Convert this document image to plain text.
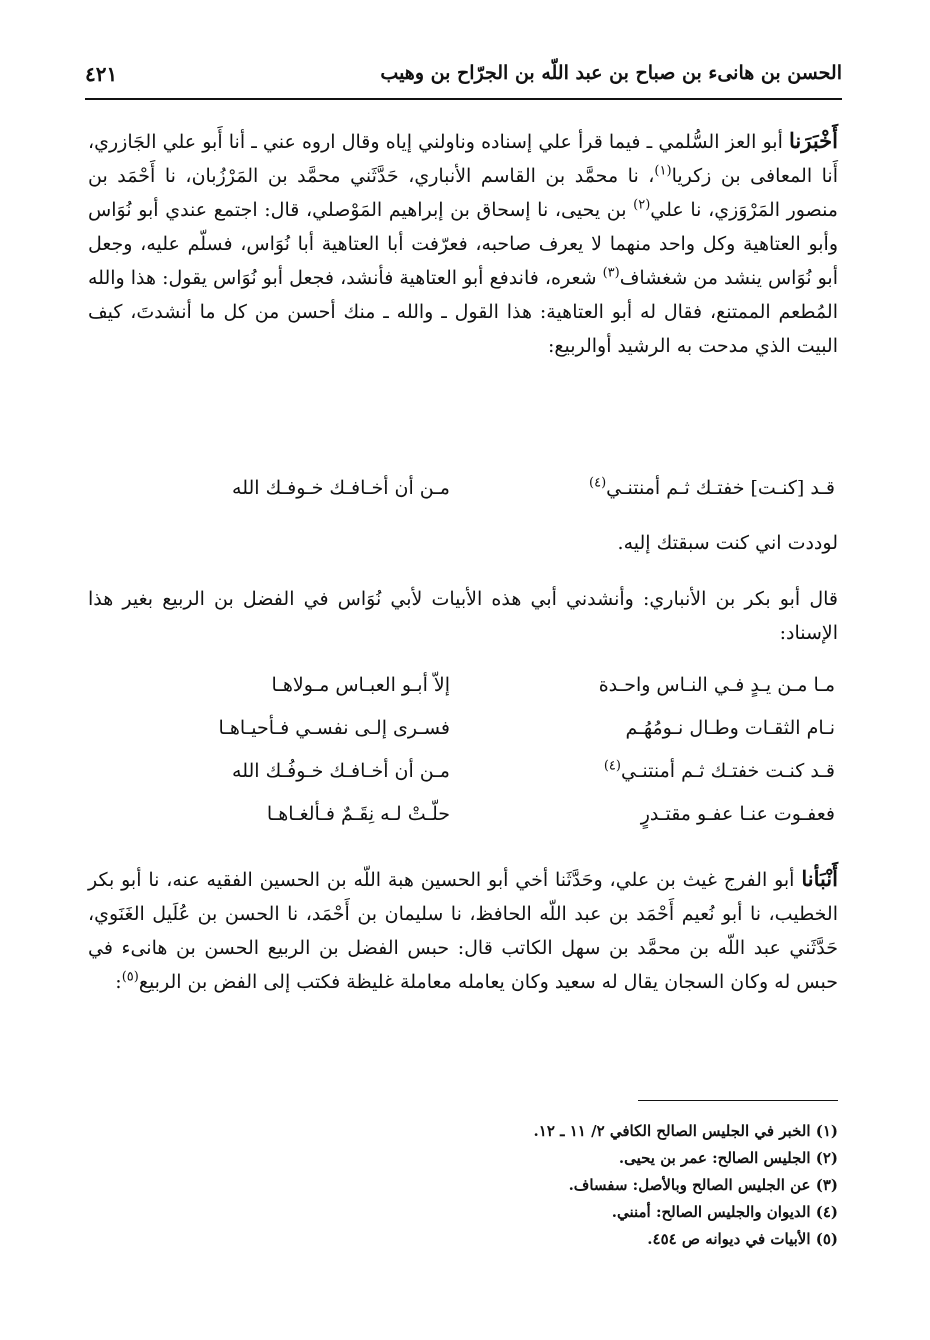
الحسن بن هانىء بن صباح بن عبد اللّه بن الجرّاح بن وهيب
٤٢١
أَخْبَرَنا أبو العز السُّلمي ـ فيما قرأ علي إسناده وناولني إياه وقال اروه عني ـ أنا أَبو علي الجَازري، أَنا المعافى بن زكريا$^{(١)}$، نا محمَّد بن القاسم الأنباري، حَدَّثَني محمَّد بن المَرْزُبان، نا أَحْمَد بن منصور المَرْوَزي، نا علي$^{(٢)}$ بن يحيى، نا إسحاق بن إبراهيم المَوْصلي، قال: اجتمع عندي أبو نُوَاس وأبو العتاهية وكل واحد منهما لا يعرف صاحبه، فعرّفت أبا العتاهية أبا نُوَاس، فسلّم عليه، وجعل أبو نُوَاس ينشد من شغشاف$^{(٣)}$ شعره، فاندفع أبو العتاهية فأنشد، فجعل أبو نُوَاس يقول: هذا والله المُطعم الممتنع، فقال له أبو العتاهية: هذا القول ـ والله ـ منك أحسن من كل ما أنشدتَ، كيف البيت الذي مدحت به الرشيد أوالربيع:
قـد [كنـت] خفتـك ثـم أمنتنـي$^{(٤)}$
مـن أن أخـافـك خـوفـك الله
لوددت اني كنت سبقتك إليه.
قال أبو بكر بن الأنباري: وأنشدني أبي هذه الأبيات لأبي نُوَاس في الفضل بن الربيع بغير هذا الإسناد:
مـا مـن يـدٍ فـي النـاس واحـدة
إلاّ أبـو العبـاس مـولاهـا
نـام الثقـات وطـال نـومُهُـم
فسـرى إلـى نفسـي فـأحيـاهـا
قـد كنـت خفتـك ثـم أمنتنـي$^{(٤)}$
مـن أن أخـافـك خـوفُـك الله
فعفـوت عنـا عفـو مقتـدرٍ
حلّـتْ لـه نِقَـمٌ فـألغـاهـا
أَنْبَأنا أبو الفرج غيث بن علي، وحَدَّثَنا أخي أبو الحسين هبة اللّه بن الحسين الفقيه عنه، نا أبو بكر الخطيب، نا أبو نُعيم أَحْمَد بن عبد اللّه الحافظ، نا سليمان بن أَحْمَد، نا الحسن بن عُلَيل الغَنَوي، حَدَّثَني عبد اللّه بن محمَّد بن سهل الكاتب قال: حبس الفضل بن الربيع الحسن بن هانىء في حبس له وكان السجان يقال له سعيد وكان يعامله معاملة غليظة فكتب إلى الفض بن الربيع$^{(٥)}$:
(١) الخبر في الجليس الصالح الكافي ٢/ ١١ ـ ١٢.
(٢) الجليس الصالح: عمر بن يحيى.
(٣) عن الجليس الصالح وبالأصل: سفساف.
(٤) الديوان والجليس الصالح: أمنني.
(٥) الأبيات في ديوانه ص ٤٥٤.
